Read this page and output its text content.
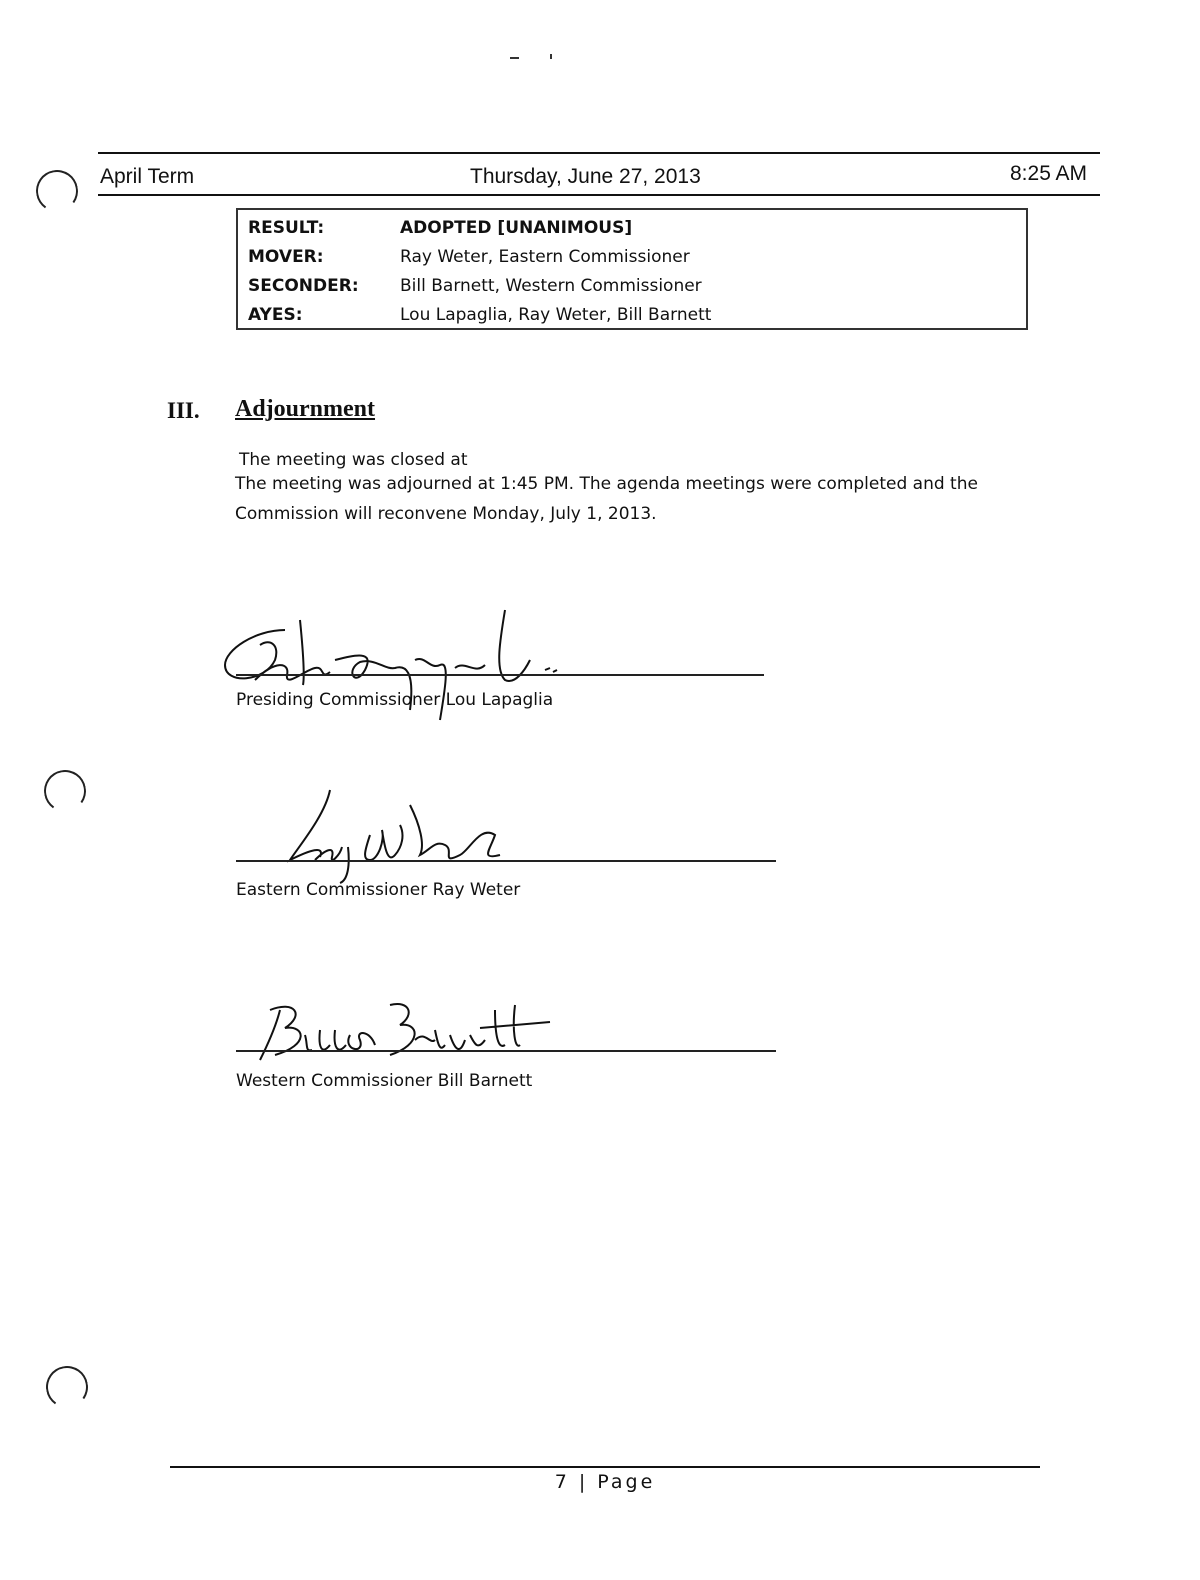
April Term	Thursday, June 27, 2013	8:25 AM
RESULT:	ADOPTED [UNANIMOUS]
MOVER:	Ray Weter, Eastern Commissioner
SECONDER: Bill Barnett, Western Commissioner
AYES:	Lou Lapaglia, Ray Weter, Bill Barnett
III. Adjournment
The meeting was closed at
The meeting was adjourned at 1:45 PM. The agenda meetings were completed and the
Commission will reconvene Monday, July 1, 2013.
Presiding Commissioner Lou Lapaglia
Eastern Commissioner Ray Weter
Western Commissioner Bill Barnett
7 | Page
